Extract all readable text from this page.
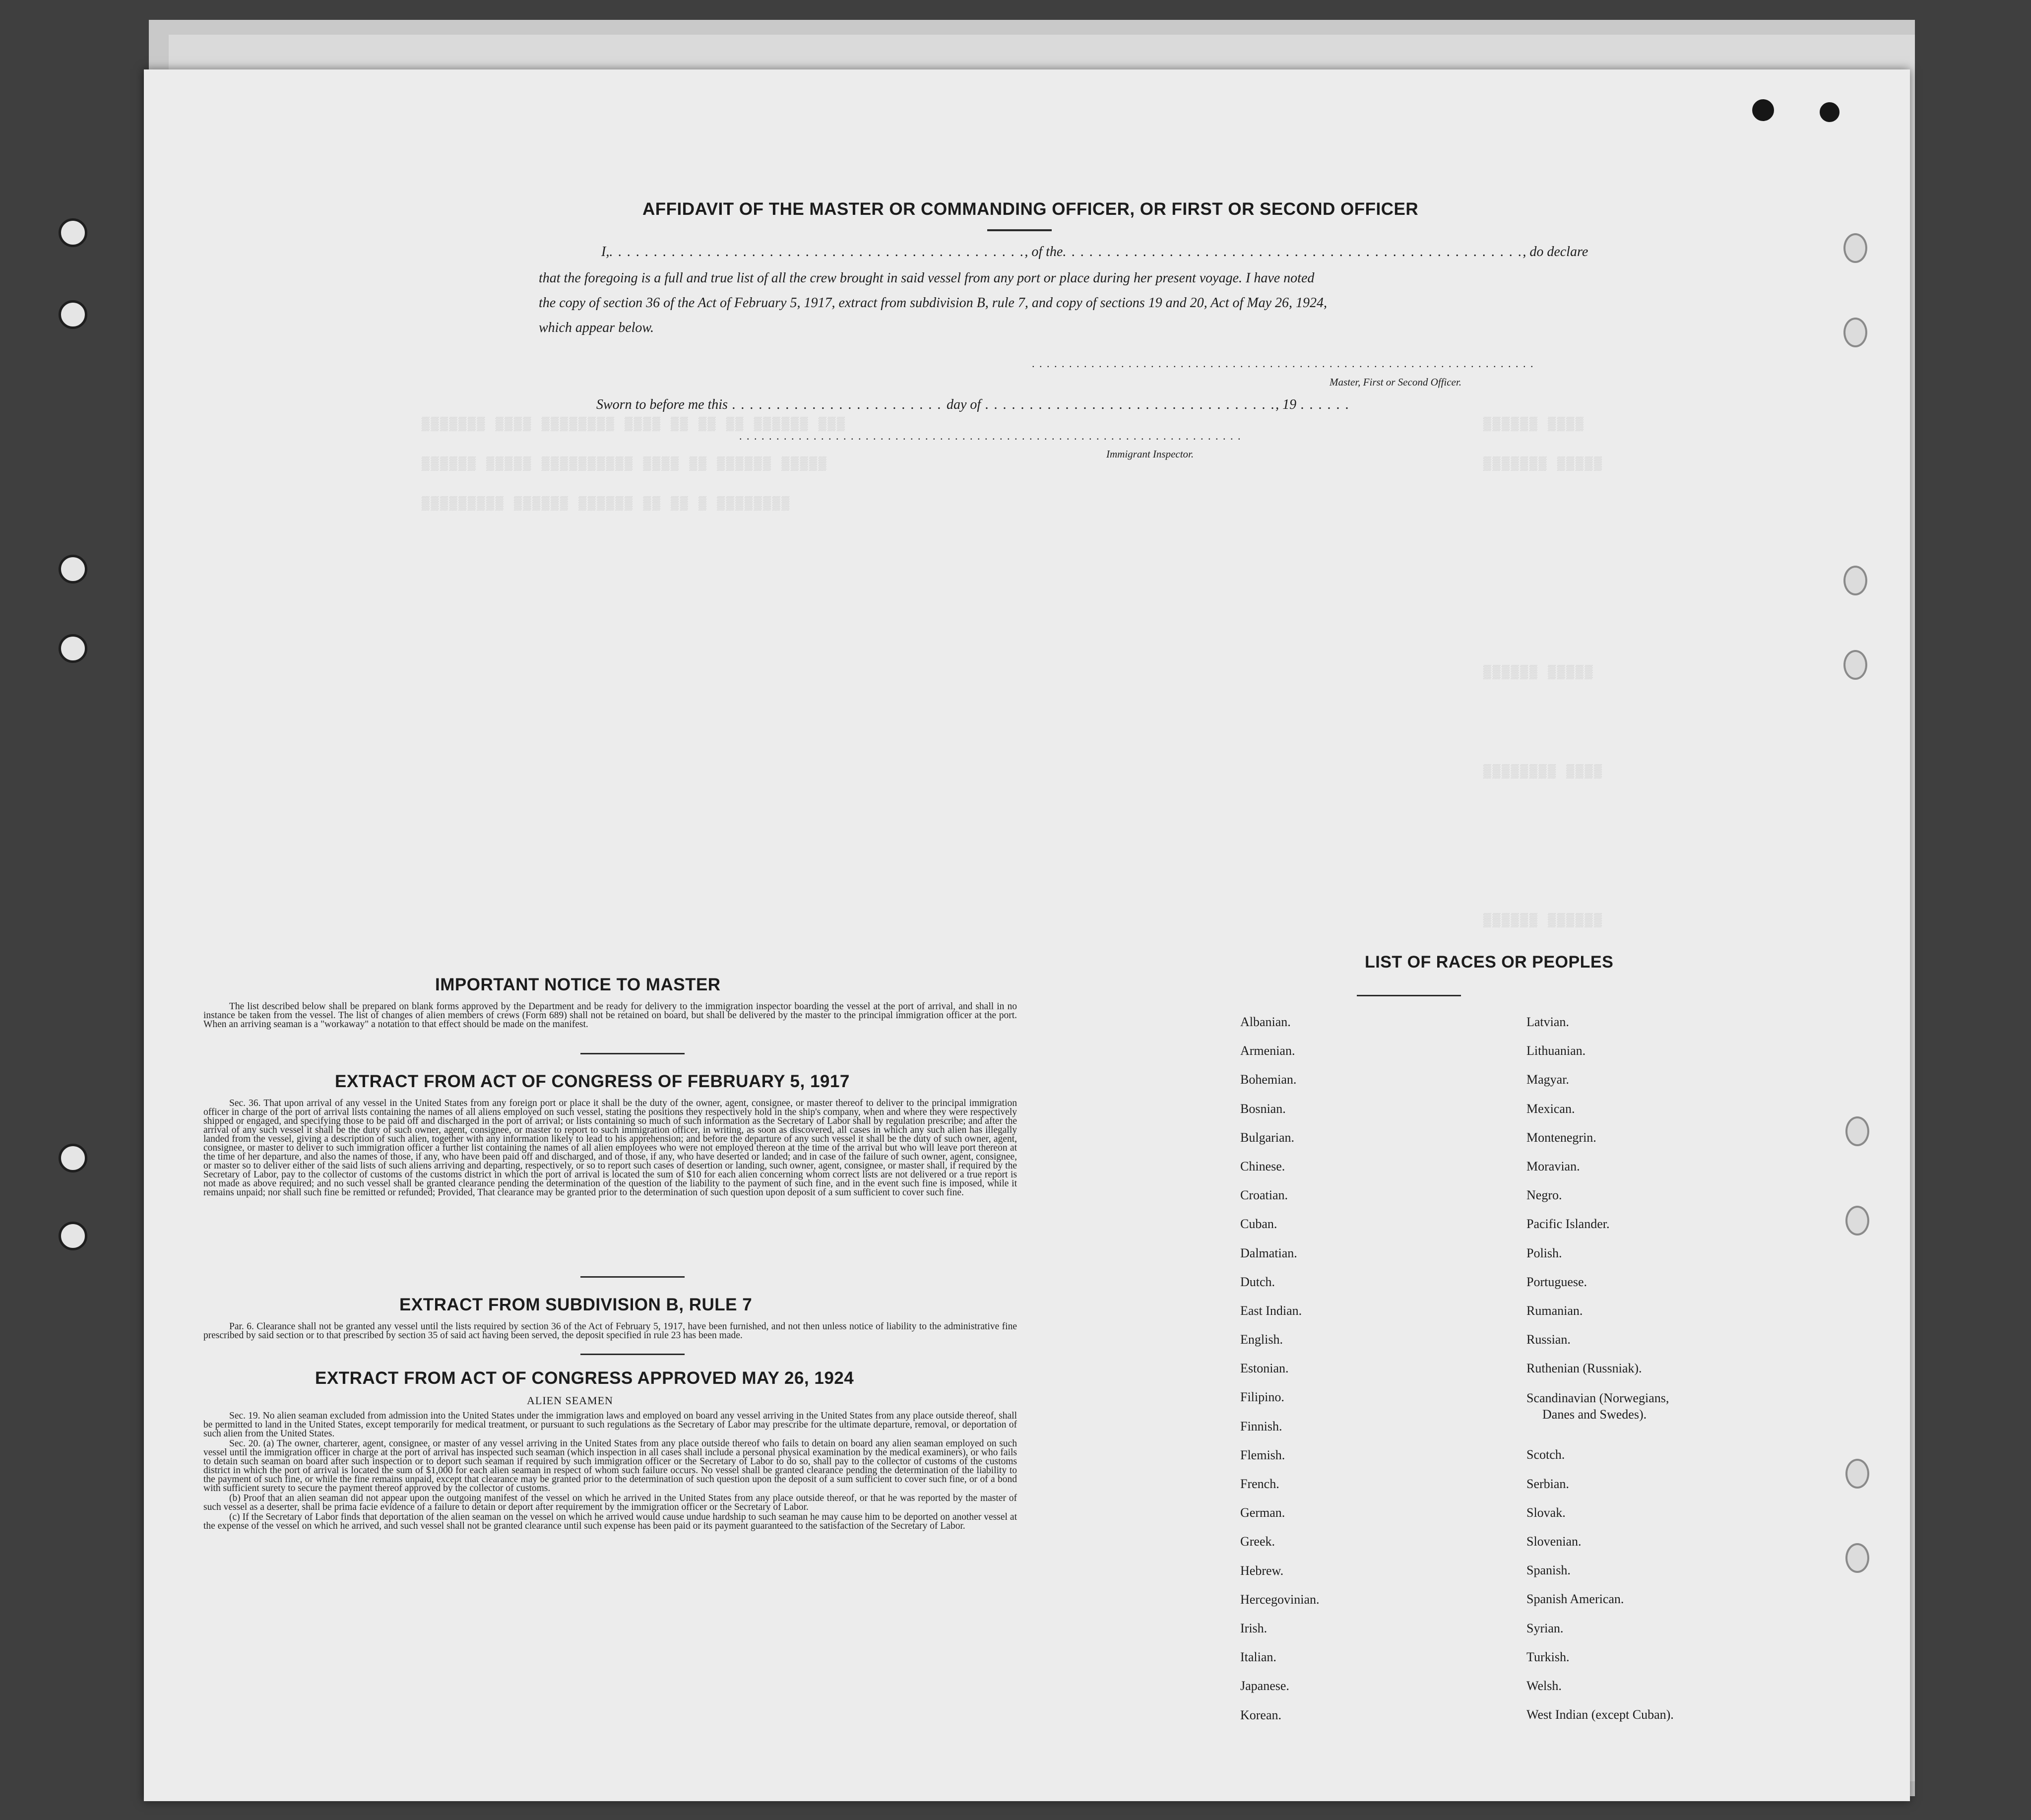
▒▒▒▒▒▒▒ ▒▒▒▒ ▒▒▒▒▒▒▒▒ ▒▒▒▒ ▒▒ ▒▒ ▒▒ ▒▒▒▒▒▒ ▒▒▒
▒▒▒▒▒▒ ▒▒▒▒▒ ▒▒▒▒▒▒▒▒▒▒ ▒▒▒▒ ▒▒ ▒▒▒▒▒▒ ▒▒▒▒▒
▒▒▒▒▒▒▒▒▒ ▒▒▒▒▒▒ ▒▒▒▒▒▒ ▒▒ ▒▒ ▒ ▒▒▒▒▒▒▒▒
▒▒▒▒▒▒ ▒▒▒▒
▒▒▒▒▒▒▒ ▒▒▒▒▒
▒▒▒▒▒▒ ▒▒▒▒▒
▒▒▒▒▒▒▒▒ ▒▒▒▒
▒▒▒▒▒▒ ▒▒▒▒▒▒
AFFIDAVIT OF THE MASTER OR COMMANDING OFFICER, OR FIRST OR SECOND OFFICER
I,. . . . . . . . . . . . . . . . . . . . . . . . . . . . . . . . . . . . . . . . . . . . . . ., of the. . . . . . . . . . . . . . . . . . . . . . . . . . . . . . . . . . . . . . . . . . . . . . . . . . . ., do declare
that the foregoing is a full and true list of all the crew brought in said vessel from any port or place during her present voyage. I have noted
the copy of section 36 of the Act of February 5, 1917, extract from subdivision B, rule 7, and copy of sections 19 and 20, Act of May 26, 1924,
which appear below.
. . . . . . . . . . . . . . . . . . . . . . . . . . . . . . . . . . . . . . . . . . . . . . . . . . . . . . . . . . . . . . . . . . . .
Master, First or Second Officer.
Sworn to before me this . . . . . . . . . . . . . . . . . . . . . . . . day of . . . . . . . . . . . . . . . . . . . . . . . . . . . . . . . . ., 19 . . . . . .
. . . . . . . . . . . . . . . . . . . . . . . . . . . . . . . . . . . . . . . . . . . . . . . . . . . . . . . . . . . . . . . . . . . .
Immigrant Inspector.
IMPORTANT NOTICE TO MASTER
The list described below shall be prepared on blank forms approved by the Department and be ready for delivery to the immigration inspector boarding the vessel at the port of arrival, and shall in no instance be taken from the vessel. The list of changes of alien members of crews (Form 689) shall not be retained on board, but shall be delivered by the master to the principal immigration officer at the port. When an arriving seaman is a "workaway" a notation to that effect should be made on the manifest.
EXTRACT FROM ACT OF CONGRESS OF FEBRUARY 5, 1917
Sec. 36. That upon arrival of any vessel in the United States from any foreign port or place it shall be the duty of the owner, agent, consignee, or master thereof to deliver to the principal immigration officer in charge of the port of arrival lists containing the names of all aliens employed on such vessel, stating the positions they respectively hold in the ship's company, when and where they were respectively shipped or engaged, and specifying those to be paid off and discharged in the port of arrival; or lists containing so much of such information as the Secretary of Labor shall by regulation prescribe; and after the arrival of any such vessel it shall be the duty of such owner, agent, consignee, or master to report to such immigration officer, in writing, as soon as discovered, all cases in which any such alien has illegally landed from the vessel, giving a description of such alien, together with any information likely to lead to his apprehension; and before the departure of any such vessel it shall be the duty of such owner, agent, consignee, or master to deliver to such immigration officer a further list containing the names of all alien employees who were not employed thereon at the time of the arrival but who will leave port thereon at the time of her departure, and also the names of those, if any, who have been paid off and discharged, and of those, if any, who have deserted or landed; and in case of the failure of such owner, agent, consignee, or master so to deliver either of the said lists of such aliens arriving and departing, respectively, or so to report such cases of desertion or landing, such owner, agent, consignee, or master shall, if required by the Secretary of Labor, pay to the collector of customs of the customs district in which the port of arrival is located the sum of $10 for each alien concerning whom correct lists are not delivered or a true report is not made as above required; and no such vessel shall be granted clearance pending the determination of the question of the liability to the payment of such fine, and in the event such fine is imposed, while it remains unpaid; nor shall such fine be remitted or refunded; Provided, That clearance may be granted prior to the determination of such question upon deposit of a sum sufficient to cover such fine.
EXTRACT FROM SUBDIVISION B, RULE 7
Par. 6. Clearance shall not be granted any vessel until the lists required by section 36 of the Act of February 5, 1917, have been furnished, and not then unless notice of liability to the administrative fine prescribed by said section or to that prescribed by section 35 of said act having been served, the deposit specified in rule 23 has been made.
EXTRACT FROM ACT OF CONGRESS APPROVED MAY 26, 1924
ALIEN SEAMEN

Sec. 19. No alien seaman excluded from admission into the United States under the immigration laws and employed on board any vessel arriving in the United States from any place outside thereof, shall be permitted to land in the United States, except temporarily for medical treatment, or pursuant to such regulations as the Secretary of Labor may prescribe for the ultimate departure, removal, or deportation of such alien from the United States.

Sec. 20. (a) The owner, charterer, agent, consignee, or master of any vessel arriving in the United States from any place outside thereof who fails to detain on board any alien seaman employed on such vessel until the immigration officer in charge at the port of arrival has inspected such seaman (which inspection in all cases shall include a personal physical examination by the medical examiners), or who fails to detain such seaman on board after such inspection or to deport such seaman if required by such immigration officer or the Secretary of Labor to do so, shall pay to the collector of customs of the customs district in which the port of arrival is located the sum of $1,000 for each alien seaman in respect of whom such failure occurs. No vessel shall be granted clearance pending the determination of the liability to the payment of such fine, or while the fine remains unpaid, except that clearance may be granted prior to the determination of such question upon the deposit of a sum sufficient to cover such fine, or of a bond with sufficient surety to secure the payment thereof approved by the collector of customs.

(b) Proof that an alien seaman did not appear upon the outgoing manifest of the vessel on which he arrived in the United States from any place outside thereof, or that he was reported by the master of such vessel as a deserter, shall be prima facie evidence of a failure to detain or deport after requirement by the immigration officer or the Secretary of Labor.

(c) If the Secretary of Labor finds that deportation of the alien seaman on the vessel on which he arrived would cause undue hardship to such seaman he may cause him to be deported on another vessel at the expense of the vessel on which he arrived, and such vessel shall not be granted clearance until such expense has been paid or its payment guaranteed to the satisfaction of the Secretary of Labor.

LIST OF RACES OR PEOPLES
Albanian.
Armenian.
Bohemian.
Bosnian.
Bulgarian.
Chinese.
Croatian.
Cuban.
Dalmatian.
Dutch.
East Indian.
English.
Estonian.
Filipino.
Finnish.
Flemish.
French.
German.
Greek.
Hebrew.
Hercegovinian.
Irish.
Italian.
Japanese.
Korean.
Latvian.
Lithuanian.
Magyar.
Mexican.
Montenegrin.
Moravian.
Negro.
Pacific Islander.
Polish.
Portuguese.
Rumanian.
Russian.
Ruthenian (Russniak).
Scandinavian (Norwegians,
Danes and Swedes).
Scotch.
Serbian.
Slovak.
Slovenian.
Spanish.
Spanish American.
Syrian.
Turkish.
Welsh.
West Indian (except Cuban).
